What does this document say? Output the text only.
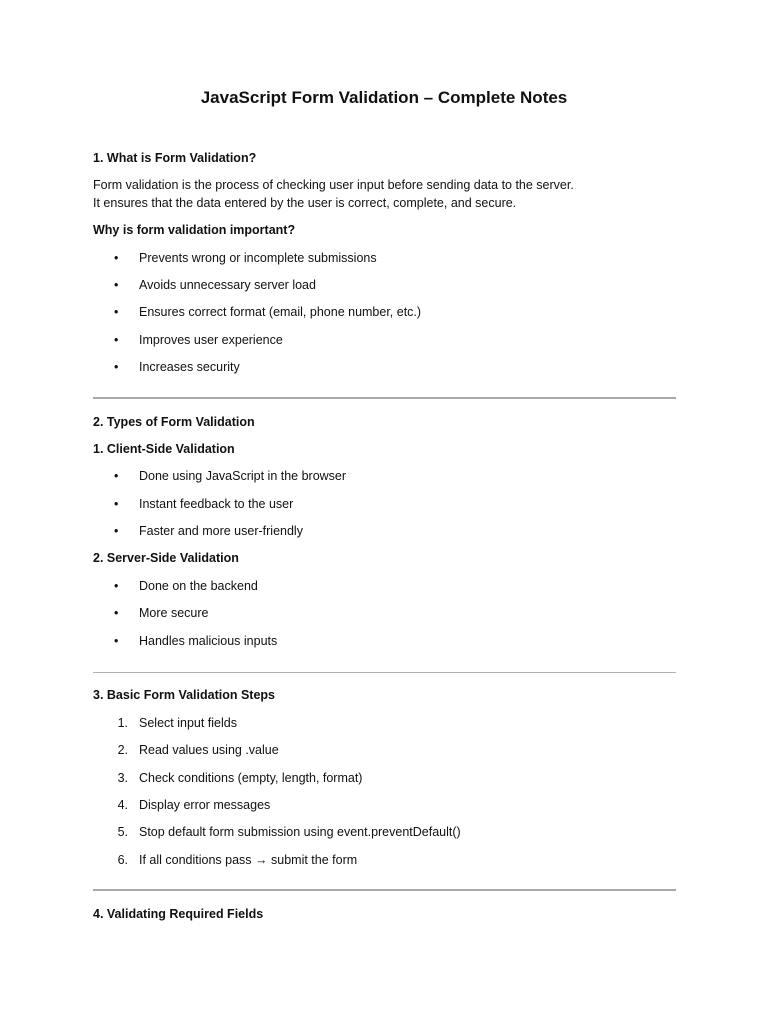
JavaScript Form Validation – Complete Notes

1. What is Form Validation?

Form validation is the process of checking user input before sending data to the server.

It ensures that the data entered by the user is correct, complete, and secure.

Why is form validation important?

•	Prevents wrong or incomplete submissions
•	Avoids unnecessary server load
•	Ensures correct format (email, phone number, etc.)
•	Improves user experience
•	Increases security

2. Types of Form Validation

1. Client-Side Validation

•	Done using JavaScript in the browser
•	Instant feedback to the user
•	Faster and more user-friendly

2. Server-Side Validation

•	Done on the backend
•	More secure
•	Handles malicious inputs

3. Basic Form Validation Steps

1. Select input fields
2. Read values using .value
3. Check conditions (empty, length, format)
4. Display error messages
5. Stop default form submission using event.preventDefault()
6. If all conditions pass → submit the form

4. Validating Required Fields
